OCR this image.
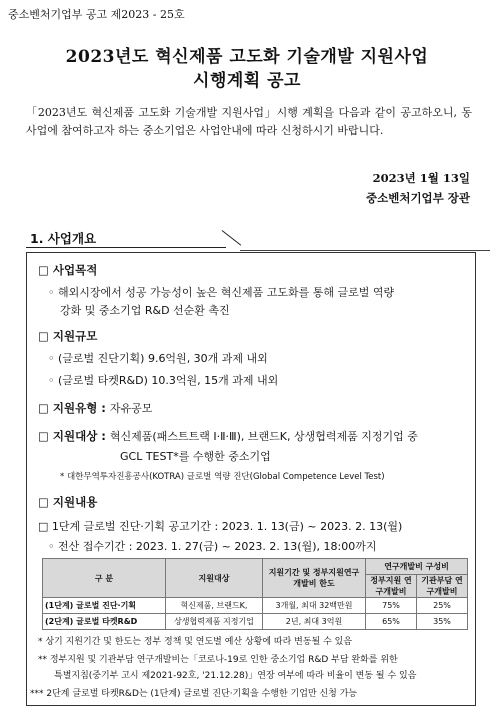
중소벤처기업부 공고 제2023 - 25호
2023년도 혁신제품 고도화 기술개발 지원사업
시행계획 공고
「2023년도 혁신제품 고도화 기술개발 지원사업」시행 계획을 다음과 같이 공고하오니, 동 사업에 참여하고자 하는 중소기업은 사업안내에 따라 신청하시기 바랍니다.
2023년 1월 13일
중소벤처기업부 장관
1. 사업개요
□ 사업목적
◦ 해외시장에서 성공 가능성이 높은 혁신제품 고도화를 통해 글로벌 역량
강화 및 중소기업 R&D 선순환 촉진
□ 지원규모
◦ (글로벌 진단기획) 9.6억원, 30개 과제 내외
◦ (글로벌 타켓R&D) 10.3억원, 15개 과제 내외
□ 지원유형 : 자유공모
□ 지원대상 : 혁신제품(패스트트랙 Ⅰ·Ⅱ·Ⅲ), 브랜드K, 상생협력제품 지정기업 중
GCL TEST*를 수행한 중소기업
* 대한무역투자진흥공사(KOTRA) 글로벌 역량 진단(Global Competence Level Test)
□ 지원내용
□ 1단계 글로벌 진단·기획 공고기간 : 2023. 1. 13(금) ~ 2023. 2. 13(월)
◦ 전산 접수기간 : 2023. 1. 27(금) ~ 2023. 2. 13(월), 18:00까지
구 분	지원대상	지원기간 및 정부지원연구개발비 한도	연구개발비 구성비	
			정부지원 연구개발비	기관부담 연구개발비
(1단계) 글로벌 진단·기획	혁신제품, 브랜드K,	3개월, 최대 32백만원	75%	25%
(2단계) 글로벌 타켓R&D	상생협력제품 지정기업	2년, 최대 3억원	65%	35%
* 상기 지원기간 및 한도는 정부 정책 및 연도별 예산 상황에 따라 변동될 수 있음
** 정부지원 및 기관부담 연구개발비는「코로나-19로 인한 중소기업 R&D 부담 완화를 위한
특별지침(중기부 고시 제2021-92호, '21.12.28)」연장 여부에 따라 비율이 변동 될 수 있음
*** 2단계 글로벌 타켓R&D는 (1단계) 글로벌 진단·기획을 수행한 기업만 신청 가능
